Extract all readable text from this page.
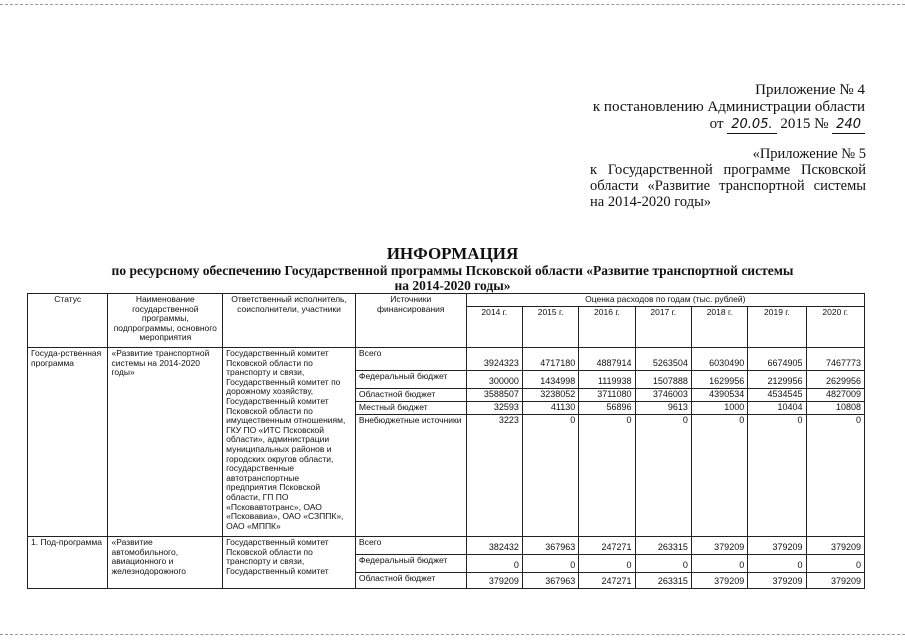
Приложение № 4
к постановлению Администрации области
от 20.05. 2015 № 240
«Приложение № 5
к Государственной программе Псковской
области «Развитие транспортной системы
на 2014-2020 годы»
ИНФОРМАЦИЯ
по ресурсному обеспечению Государственной программы Псковской области «Развитие транспортной системы
на 2014-2020 годы»
Статус	Наименование государственной программы, подпрограммы, основного мероприятия	Ответственный исполнитель, соисполнители, участники	Источники финансирования	Оценка расходов по годам (тыс. рублей)						
				2014 г.	2015 г.	2016 г.	2017 г.	2018 г.	2019 г.	2020 г.
Госуда-рственная программа	«Развитие транспортной системы на 2014-2020 годы»	Государственный комитет Псковской области по транспорту и связи, Государственный комитет по дорожному хозяйству, Государственный комитет Псковской области по имущественным отношениям, ГКУ ПО «ИТС Псковской области», администрации муниципальных районов и городских округов области, государственные автотранспортные предприятия Псковской области, ГП ПО «Псковавтотранс», ОАО «Псковавиа», ОАО «СЗППК», ОАО «МППК»	Всего	3924323	4717180	4887914	5263504	6030490	6674905	7467773
			Федеральный бюджет	300000	1434998	1119938	1507888	1629956	2129956	2629956
			Областной бюджет	3588507	3238052	3711080	3746003	4390534	4534545	4827009
			Местный бюджет	32593	41130	56896	9613	1000	10404	10808
			Внебюджетные источники	3223	0	0	0	0	0	0
1. Под-программа	«Развитие автомобильного, авиационного и железнодорожного	Государственный комитет Псковской области по транспорту и связи, Государственный комитет	Всего	382432	367963	247271	263315	379209	379209	379209
			Федеральный бюджет	0	0	0	0	0	0	0
			Областной бюджет	379209	367963	247271	263315	379209	379209	379209
